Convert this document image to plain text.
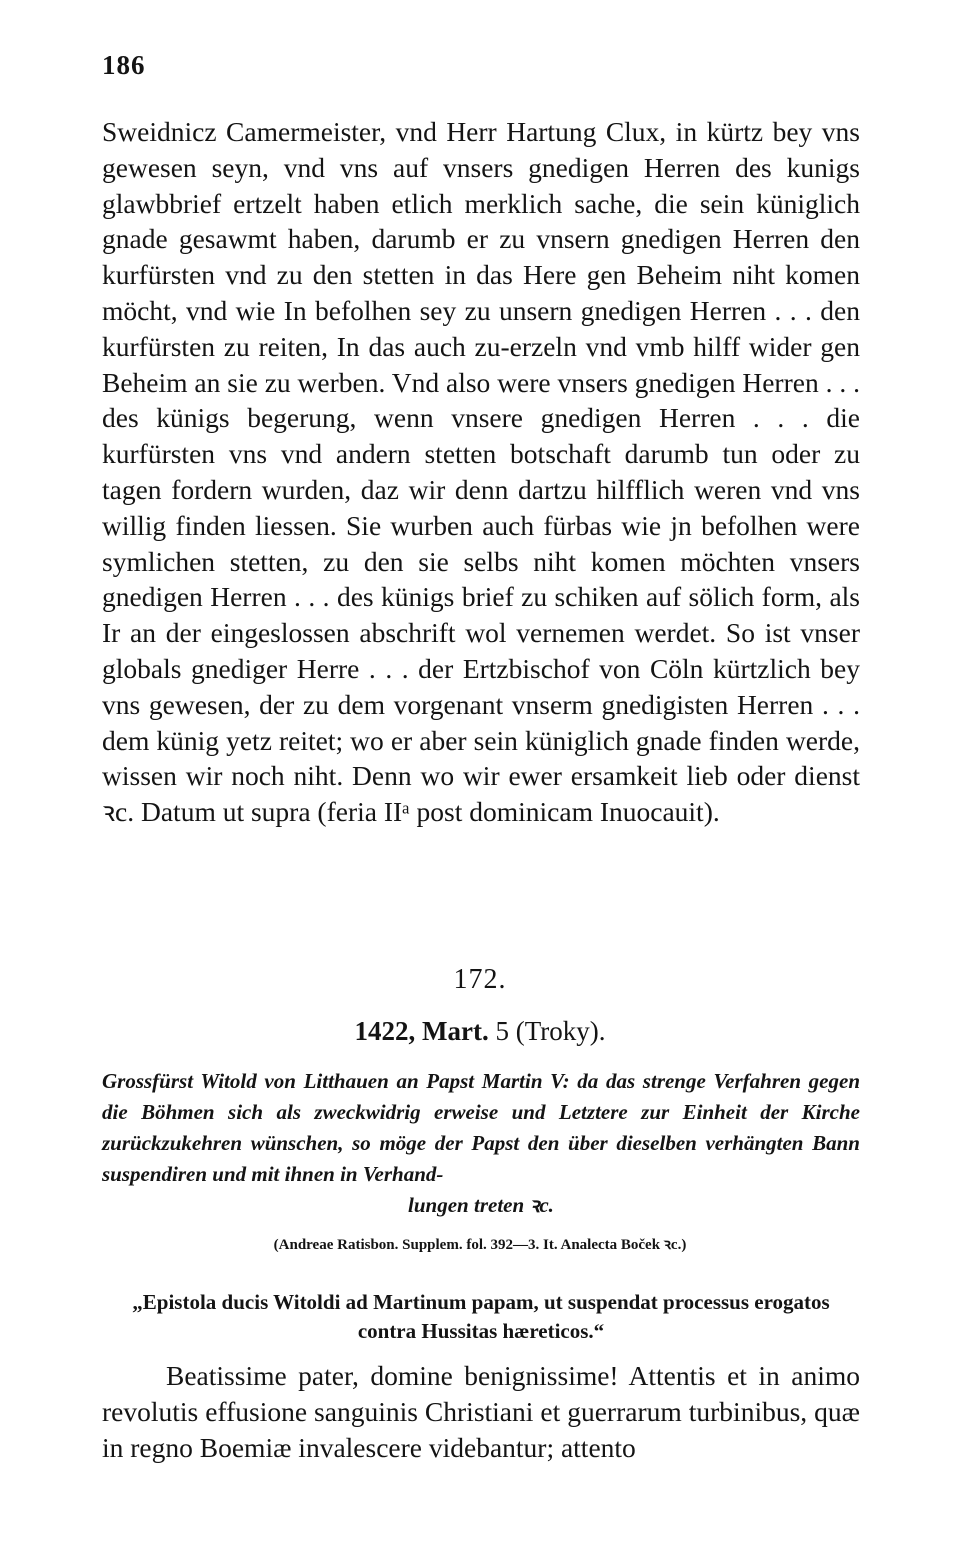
186

Sweidnicz Camermeister, vnd Herr Hartung Clux, in kürtz bey vns gewesen seyn, vnd vns auf vnsers gnedigen Herren des kunigs glawbbrief ertzelt haben etlich merklich sache, die sein küniglich gnade gesawmt haben, darumb er zu vnsern gnedigen Herren den kurfürsten vnd zu den stetten in das Here gen Beheim niht komen möcht, vnd wie In befolhen sey zu unsern gnedigen Herren . . . den kurfürsten zu reiten, In das auch zu-erzeln vnd vmb hilff wider gen Beheim an sie zu werben. Vnd also were vnsers gnedigen Herren . . . des künigs begerung, wenn vnsere gnedigen Herren . . . die kurfürsten vns vnd andern stetten botschaft darumb tun oder zu tagen fordern wurden, daz wir denn dartzu hilfflich weren vnd vns willig finden liessen. Sie wurben auch fürbas wie jn befolhen were symlichen stetten, zu den sie selbs niht komen möchten vnsers gnedigen Herren . . . des künigs brief zu schiken auf sölich form, als Ir an der eingeslossen abschrift wol vernemen werdet. So ist vnser globals gnediger Herre . . . der Ertzbischof von Cöln kürtzlich bey vns gewesen, der zu dem vorgenant vnserm gnedigisten Herren . . . dem künig yetz reitet; wo er aber sein küniglich gnade finden werde, wissen wir noch niht. Denn wo wir ewer ersamkeit lieb oder dienst ꝛc. Datum ut supra (feria IIᵃ post dominicam Inuocauit).

172.
1422, Mart. 5 (Troky).
Grossfürst Witold von Litthauen an Papst Martin V: da das strenge Verfahren gegen die Böhmen sich als zweckwidrig erweise und Letztere zur Einheit der Kirche zurückzukehren wünschen, so möge der Papst den über dieselben verhängten Bann suspendiren und mit ihnen in Verhand-
lungen treten ꝛc.
(Andreae Ratisbon. Supplem. fol. 392—3. It. Analecta Boček ꝛc.)
„Epistola ducis Witoldi ad Martinum papam, ut suspendat processus erogatos contra Hussitas hæreticos.“

Beatissime pater, domine benignissime! Attentis et in animo revolutis effusione sanguinis Christiani et guerrarum turbinibus, quæ in regno Boemiæ invalescere videbantur; attento
